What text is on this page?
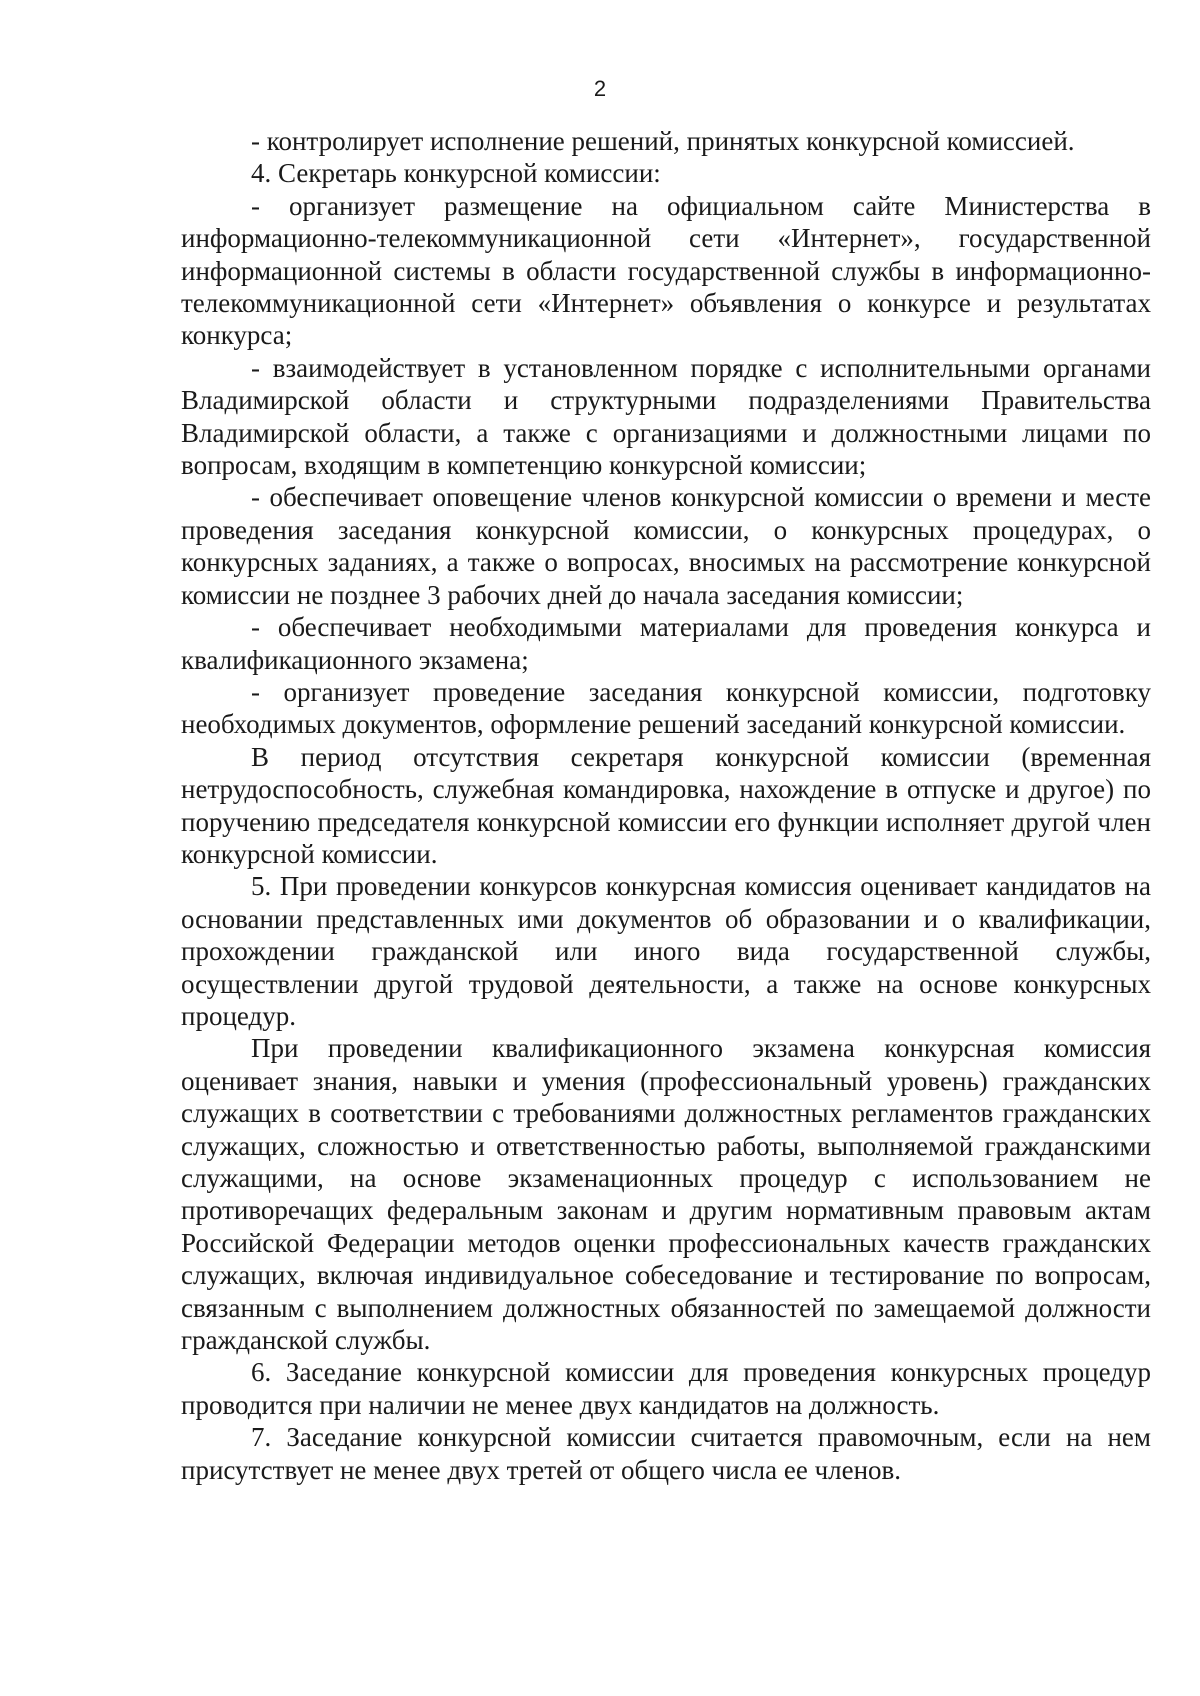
2

- контролирует исполнение решений, принятых конкурсной комиссией.

4. Секретарь конкурсной комиссии:

- организует размещение на официальном сайте Министерства в информационно-телекоммуникационной сети «Интернет», государственной информационной системы в области государственной службы в информационно-телекоммуникационной сети «Интернет» объявления о конкурсе и результатах конкурса;

- взаимодействует в установленном порядке с исполнительными органами Владимирской области и структурными подразделениями Правительства Владимирской области, а также с организациями и должностными лицами по вопросам, входящим в компетенцию конкурсной комиссии;

- обеспечивает оповещение членов конкурсной комиссии о времени и месте проведения заседания конкурсной комиссии, о конкурсных процедурах, о конкурсных заданиях, а также о вопросах, вносимых на рассмотрение конкурсной комиссии не позднее 3 рабочих дней до начала заседания комиссии;

- обеспечивает необходимыми материалами для проведения конкурса и квалификационного экзамена;

- организует проведение заседания конкурсной комиссии, подготовку необходимых документов, оформление решений заседаний конкурсной комиссии.

В период отсутствия секретаря конкурсной комиссии (временная нетрудоспособность, служебная командировка, нахождение в отпуске и другое) по поручению председателя конкурсной комиссии его функции исполняет другой член конкурсной комиссии.

5. При проведении конкурсов конкурсная комиссия оценивает кандидатов на основании представленных ими документов об образовании и о квалификации, прохождении гражданской или иного вида государственной службы, осуществлении другой трудовой деятельности, а также на основе конкурсных процедур.

При проведении квалификационного экзамена конкурсная комиссия оценивает знания, навыки и умения (профессиональный уровень) гражданских служащих в соответствии с требованиями должностных регламентов гражданских служащих, сложностью и ответственностью работы, выполняемой гражданскими служащими, на основе экзаменационных процедур с использованием не противоречащих федеральным законам и другим нормативным правовым актам Российской Федерации методов оценки профессиональных качеств гражданских служащих, включая индивидуальное собеседование и тестирование по вопросам, связанным с выполнением должностных обязанностей по замещаемой должности гражданской службы.

6. Заседание конкурсной комиссии для проведения конкурсных процедур проводится при наличии не менее двух кандидатов на должность.

7. Заседание конкурсной комиссии считается правомочным, если на нем присутствует не менее двух третей от общего числа ее членов.
